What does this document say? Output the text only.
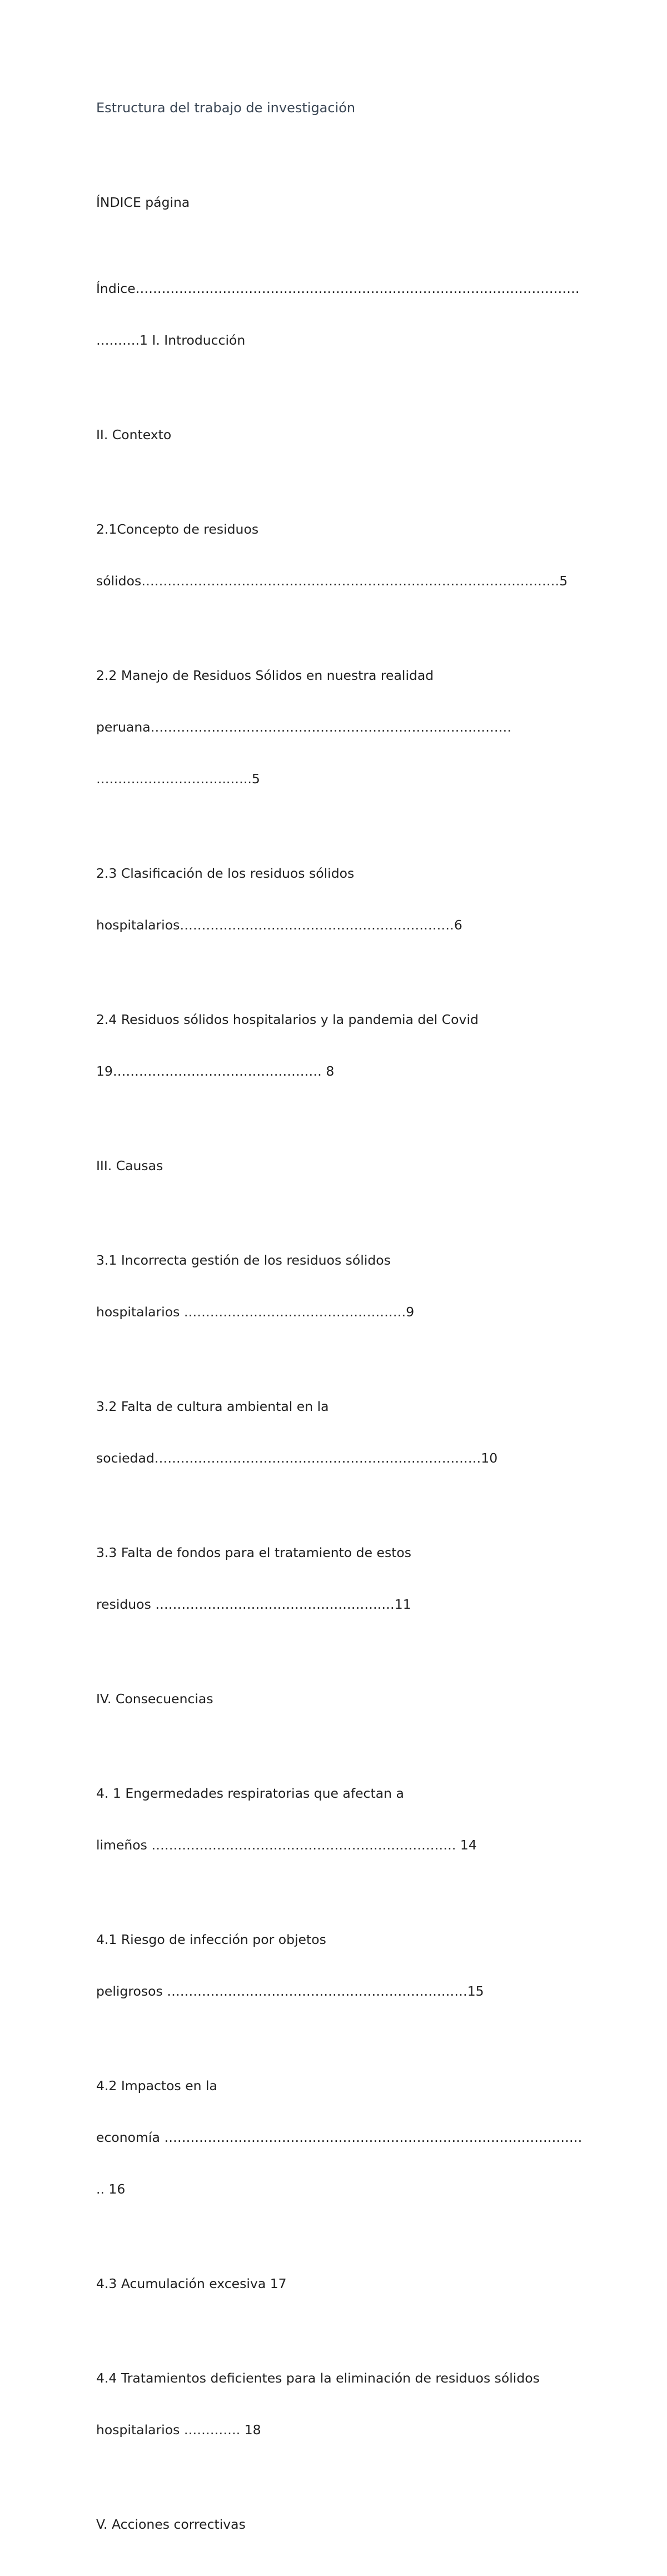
Estructura del trabajo de investigación

ÍNDICE página

Índice…………………………………………………………………………………………

……….1 I. Introducción

II. Contexto

2.1Concepto de residuos

sólidos……………………………………………………………………………………5

2.2 Manejo de Residuos Sólidos en nuestra realidad

peruana………………………………………………………….…….………

………..………………..…..5

2.3 Clasificación de los residuos sólidos

hospitalarios………………………………………………………6

2.4 Residuos sólidos hospitalarios y la pandemia del Covid

19………………………………………… 8

III. Causas

3.1 Incorrecta gestión de los residuos sólidos

hospitalarios ……………………………………………9

3.2 Falta de cultura ambiental en la

sociedad…………………………………………………………………10

3.3 Falta de fondos para el tratamiento de estos

residuos …………………………………………….…11

IV. Consecuencias

4. 1 Engermedades respiratorias que afectan a

limeños ……………………………………………………………. 14

4.1 Riesgo de infección por objetos

peligrosos ……………………………………………………………15

4.2 Impactos en la

economía ……………………………………………………………………………………

.. 16

4.3 Acumulación excesiva 17

4.4 Tratamientos deficientes para la eliminación de residuos sólidos

hospitalarios …………. 18

V. Acciones correctivas
